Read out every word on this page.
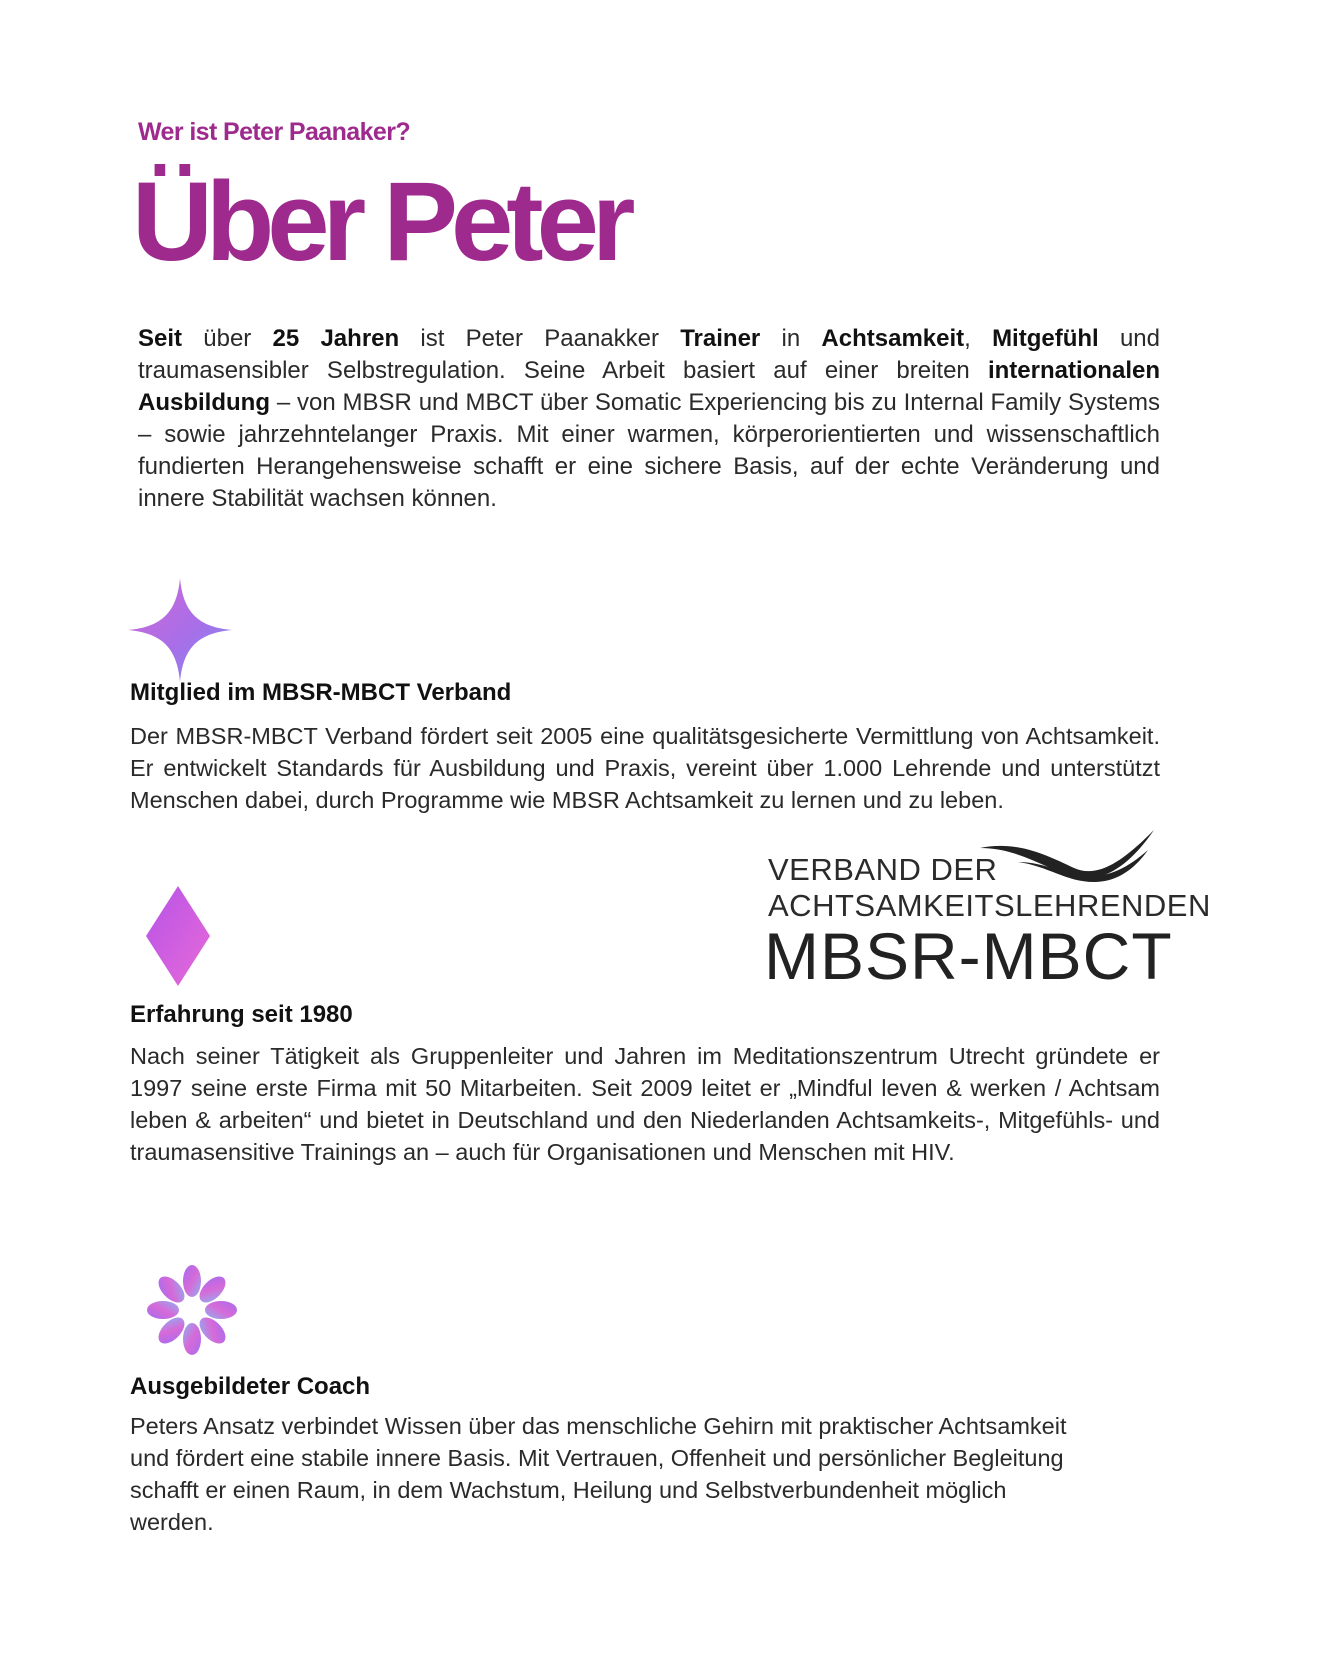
Wer ist Peter Paanaker?
Über Peter

Seit über 25 Jahren ist Peter Paanakker Trainer in Achtsamkeit, Mitgefühl und traumasensibler Selbstregulation. Seine Arbeit basiert auf einer breiten internationalen Ausbildung – von MBSR und MBCT über Somatic Experiencing bis zu Internal Family Systems – sowie jahrzehntelanger Praxis. Mit einer warmen, körperorientierten und wissenschaftlich fundierten Herangehensweise schafft er eine sichere Basis, auf der echte Veränderung und innere Stabilität wachsen können.

Mitglied im MBSR-MBCT Verband
Der MBSR-MBCT Verband fördert seit 2005 eine qualitätsgesicherte Vermittlung von Achtsamkeit. Er entwickelt Standards für Ausbildung und Praxis, vereint über 1.000 Lehrende und unterstützt Menschen dabei, durch Programme wie MBSR Achtsamkeit zu lernen und zu leben.
VERBAND DER
ACHTSAMKEITSLEHRENDEN
MBSR-MBCT
Erfahrung seit 1980
Nach seiner Tätigkeit als Gruppenleiter und Jahren im Meditationszentrum Utrecht gründete er 1997 seine erste Firma mit 50 Mitarbeiten. Seit 2009 leitet er „Mindful leven & werken / Achtsam leben & arbeiten“ und bietet in Deutschland und den Niederlanden Achtsamkeits-, Mitgefühls- und traumasensitive Trainings an – auch für Organisationen und Menschen mit HIV.
Ausgebildeter Coach
Peters Ansatz verbindet Wissen über das menschliche Gehirn mit praktischer Achtsamkeit und fördert eine stabile innere Basis. Mit Vertrauen, Offenheit und persönlicher Begleitung schafft er einen Raum, in dem Wachstum, Heilung und Selbstverbundenheit möglich werden.
